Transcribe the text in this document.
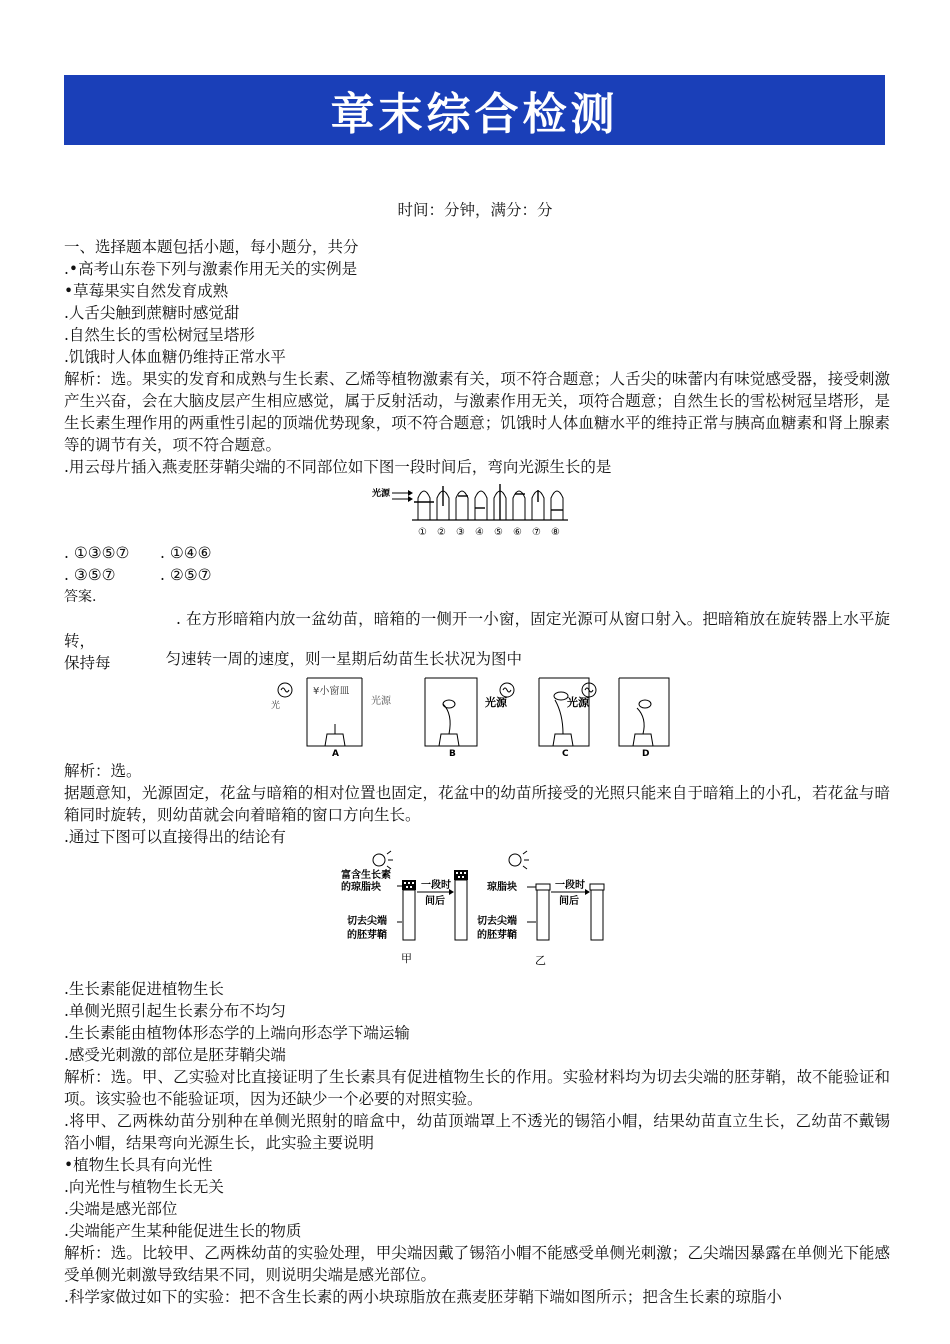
章末综合检测
时间：分钟，满分：分
一、选择题本题包括小题，每小题分，共分
.•高考山东卷下列与激素作用无关的实例是
•草莓果实自然发育成熟
.人舌尖触到蔗糖时感觉甜
.自然生长的雪松树冠呈塔形
.饥饿时人体血糖仍维持正常水平
解析：选。果实的发育和成熟与生长素、乙烯等植物激素有关，项不符合题意；人舌尖的味蕾内有味觉感受器，接受刺激产生兴奋，会在大脑皮层产生相应感觉，属于反射活动，与激素作用无关，项符合题意；自然生长的雪松树冠呈塔形，是生长素生理作用的两重性引起的顶端优势现象，项不符合题意；饥饿时人体血糖水平的维持正常与胰高血糖素和肾上腺素等的调节有关，项不符合题意。
.用云母片插入燕麦胚芽鞘尖端的不同部位如下图一段时间后，弯向光源生长的是
光源
① ② ③ ④ ⑤ ⑥ ⑦ ⑧
. ①③⑤⑦	. ①④⑥
. ③⑤⑦	. ②⑤⑦
答案.
. 在方形暗箱内放一盆幼苗，暗箱的一侧开一小窗，固定光源可从窗口射入。把暗箱放在旋转器上水平旋转，
保持每	匀速转一周的速度，则一星期后幼苗生长状况为图中
光
¥小窗皿
光源	光源	光源
A	B	C	D
解析：选。
据题意知，光源固定，花盆与暗箱的相对位置也固定，花盆中的幼苗所接受的光照只能来自于暗箱上的小孔，若花盆与暗箱同时旋转，则幼苗就会向着暗箱的窗口方向生长。
.通过下图可以直接得出的结论有
富含生长素
的琼脂块	一段时
间后
切去尖端
的胚芽鞘
琼脂块	一段时
间后
切去尖端
的胚芽鞘
甲	乙
.生长素能促进植物生长
.单侧光照引起生长素分布不均匀
.生长素能由植物体形态学的上端向形态学下端运输
.感受光刺激的部位是胚芽鞘尖端
解析：选。甲、乙实验对比直接证明了生长素具有促进植物生长的作用。实验材料均为切去尖端的胚芽鞘，故不能验证和项。该实验也不能验证项，因为还缺少一个必要的对照实验。
.将甲、乙两株幼苗分别种在单侧光照射的暗盒中，幼苗顶端罩上不透光的锡箔小帽，结果幼苗直立生长，乙幼苗不戴锡箔小帽，结果弯向光源生长，此实验主要说明
•植物生长具有向光性
.向光性与植物生长无关
.尖端是感光部位
.尖端能产生某种能促进生长的物质
解析：选。比较甲、乙两株幼苗的实验处理，甲尖端因戴了锡箔小帽不能感受单侧光刺激；乙尖端因暴露在单侧光下能感受单侧光刺激导致结果不同，则说明尖端是感光部位。
.科学家做过如下的实验：把不含生长素的两小块琼脂放在燕麦胚芽鞘下端如图所示；把含生长素的琼脂小
